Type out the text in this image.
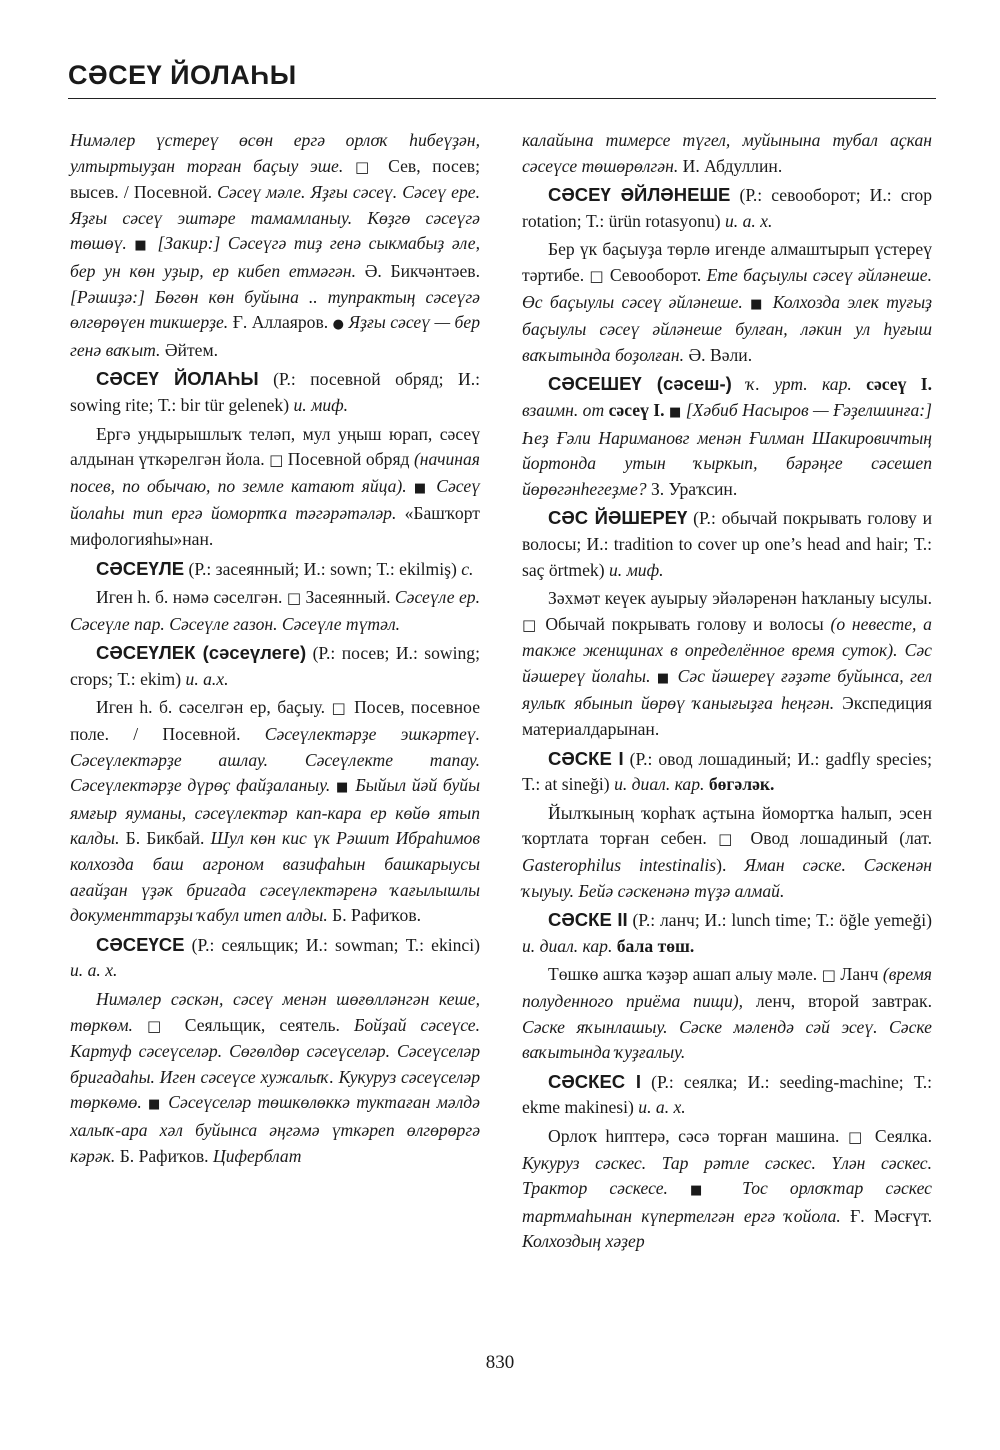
СӘСЕҮ ЙОЛАҺЫ

Нимәлер үстереү өсөн ергә орлоҡ һибеүҙән, ултыртыуҙан торған баҫыу эше. □ Сев, посев; высев. / Посевной. Сәсеү мәле. Яҙғы сәсеү. Сәсеү ере. Яҙғы сәсеү эштәре тамамланыу. Көҙгө сәсеүгә төшөү. ■ [Закир:] Сәсеүгә тиҙ генә сыкмабыҙ әле, бер ун көн уҙыр, ер кибеп етмәгән. Ә. Бикчәнтәев. [Рәшиҙә:] Бөгөн көн буйына .. тупрактың сәсеүгә өлгөрөүен тикшерҙе. Ғ. Аллаяров. ● Яҙғы сәсеү — бер генә ваҡыт. Әйтем.

СӘСЕҮ ЙОЛАҺЫ (Р.: посевной обряд; И.: sowing rite; Т.: bir tür gelenek) и. миф.

Ергә уңдырышлыҡ теләп, мул уңыш юрап, сәсеү алдынан үткәрелгән йола. □ Посевной обряд (начиная посев, по обычаю, по земле катают яйца). ■ Сәсеү йолаһы тип ергә йомортҡа тәгәрәтәләр. «Башҡорт мифологияһы»нан.

СӘСЕҮЛЕ (Р.: засеянный; И.: sown; Т.: ekilmiş) с.

Иген һ. б. нәмә сәселгән. □ Засеянный. Сәсеүле ер. Сәсеүле пар. Сәсеүле газон. Сәсеүле түтәл.

СӘСЕҮЛЕК (сәсеүлеге) (Р.: посев; И.: sowing; crops; Т.: ekim) и. а.х.

Иген һ. б. сәселгән ер, баҫыу. □ Посев, посевное поле. / Посевной. Сәсеүлектәрҙе эшкәртеү. Сәсеүлектәрҙе ашлау. Сәсеүлекте тапау. Сәсеүлектәрҙе дүрөҫ файҙаланыу. ■ Быйыл йәй буйы ямғыр яуманы, сәсеүлектәр кап-кара ер көйө ятып калды. Б. Бикбай. Шул көн кис үк Рәшит Ибраһимов колхозда баш агроном вазифаһын башкарыусы ағайҙан үҙәк бригада сәсеүлектәренә ҡағылышлы документтарҙы ҡабул итеп алды. Б. Рафиҡов.

СӘСЕҮСЕ (Р.: сеяльщик; И.: sowman; Т.: ekinci) и. а. х.

Нимәлер сәскән, сәсеү менән шөғөлләнгән кеше, төркөм. □ Сеяльщик, сеятель. Бойҙай сәсеүсе. Картуф сәсеүселәр. Сөгөлдөр сәсеүселәр. Сәсеүселәр бригадаһы. Иген сәсеүсе хужалыҡ. Кукуруз сәсеүселәр төркөмө. ■ Сәсеүселәр төшкөлөккә туктаған мәлдә халыҡ-ара хәл буйынса әңгәмә үткәреп өлгөрөргә кәрәк. Б. Рафиҡов. Циферблат

калайына тимерсе түгел, муйынына тубал аҫкан сәсеүсе төшөрөлгән. И. Абдуллин.

СӘСЕҮ ӘЙЛӘНЕШЕ (Р.: севооборот; И.: crop rotation; Т.: ürün rotasyonu) и. а. х.

Бер үк баҫыуҙа төрлө игенде алмаштырып үстереү тәртибе. □ Севооборот. Ете баҫыулы сәсеү әйләнеше. Өс баҫыулы сәсеү әйләнеше. ■ Колхозда элек туғыҙ баҫыулы сәсеү әйләнеше булған, ләкин ул һуғыш ваҡытында боҙолған. Ә. Вәли.

СӘСЕШЕҮ (сәсеш-) ҡ. урт. кар. сәсеү I. взаимн. от сәсеү I. ■ [Хәбиб Насыров — Ғәҙелшинға:] Һеҙ Ғәли Наримановг менән Ғилман Шакировичтың йортонда утын ҡыркып, бәрәңге сәсешеп йөрөгәнһегеҙме? З. Ураҡсин.

СӘС ЙӘШЕРЕҮ (Р.: обычай покрывать голову и волосы; И.: tradition to cover up one’s head and hair; Т.: saç örtmek) и. миф.

Зәхмәт кеүек ауырыу эйәләренән һаҡланыу ысулы. □ Обычай покрывать голову и волосы (о невесте, а также женщинах в определённое время суток). Сәс йәшереү йолаһы. ■ Сәс йәшереү ғәҙәте буйынса, гел яулыҡ ябынып йөрөү ҡанығыҙға һеңгән. Экспедиция материалдарынан.

СӘСКЕ I (Р.: овод лошадиный; И.: gadfly species; Т.: at sineği) и. диал. кар. бөгәләк.

Йылҡының ҡорһаҡ аҫтына йомортҡа һалып, эсен ҡортлата торған себен. □ Овод лошадиный (лат. Gasterophilus intestinalis). Яман сәске. Сәскенән ҡыуыу. Бейә сәскенәнә түҙә алмай.

СӘСКЕ II (Р.: ланч; И.: lunch time; Т.: öğle yemeği) и. диал. кар. бала төш.

Төшкө ашҡа ҡәҙәр ашап алыу мәле. □ Ланч (время полуденного приёма пищи), ленч, второй завтрак. Сәске яҡынлашыу. Сәске мәлендә сәй эсеү. Сәске ваҡытында ҡуҙғалыу.

СӘСКЕС I (Р.: сеялка; И.: seeding-machine; Т.: ekme makinesi) и. а. х.

Орлоҡ һиптерә, сәсә торған машина. □ Сеялка. Кукуруз сәскес. Тар рәтле сәскес. Үлән сәскес. Трактор сәскесе. ■ Тос орлоҡтар сәскес тартмаһынан күпертелгән ергә ҡойола. Ғ. Мәсғүт. Колхоздың хәҙер

830
